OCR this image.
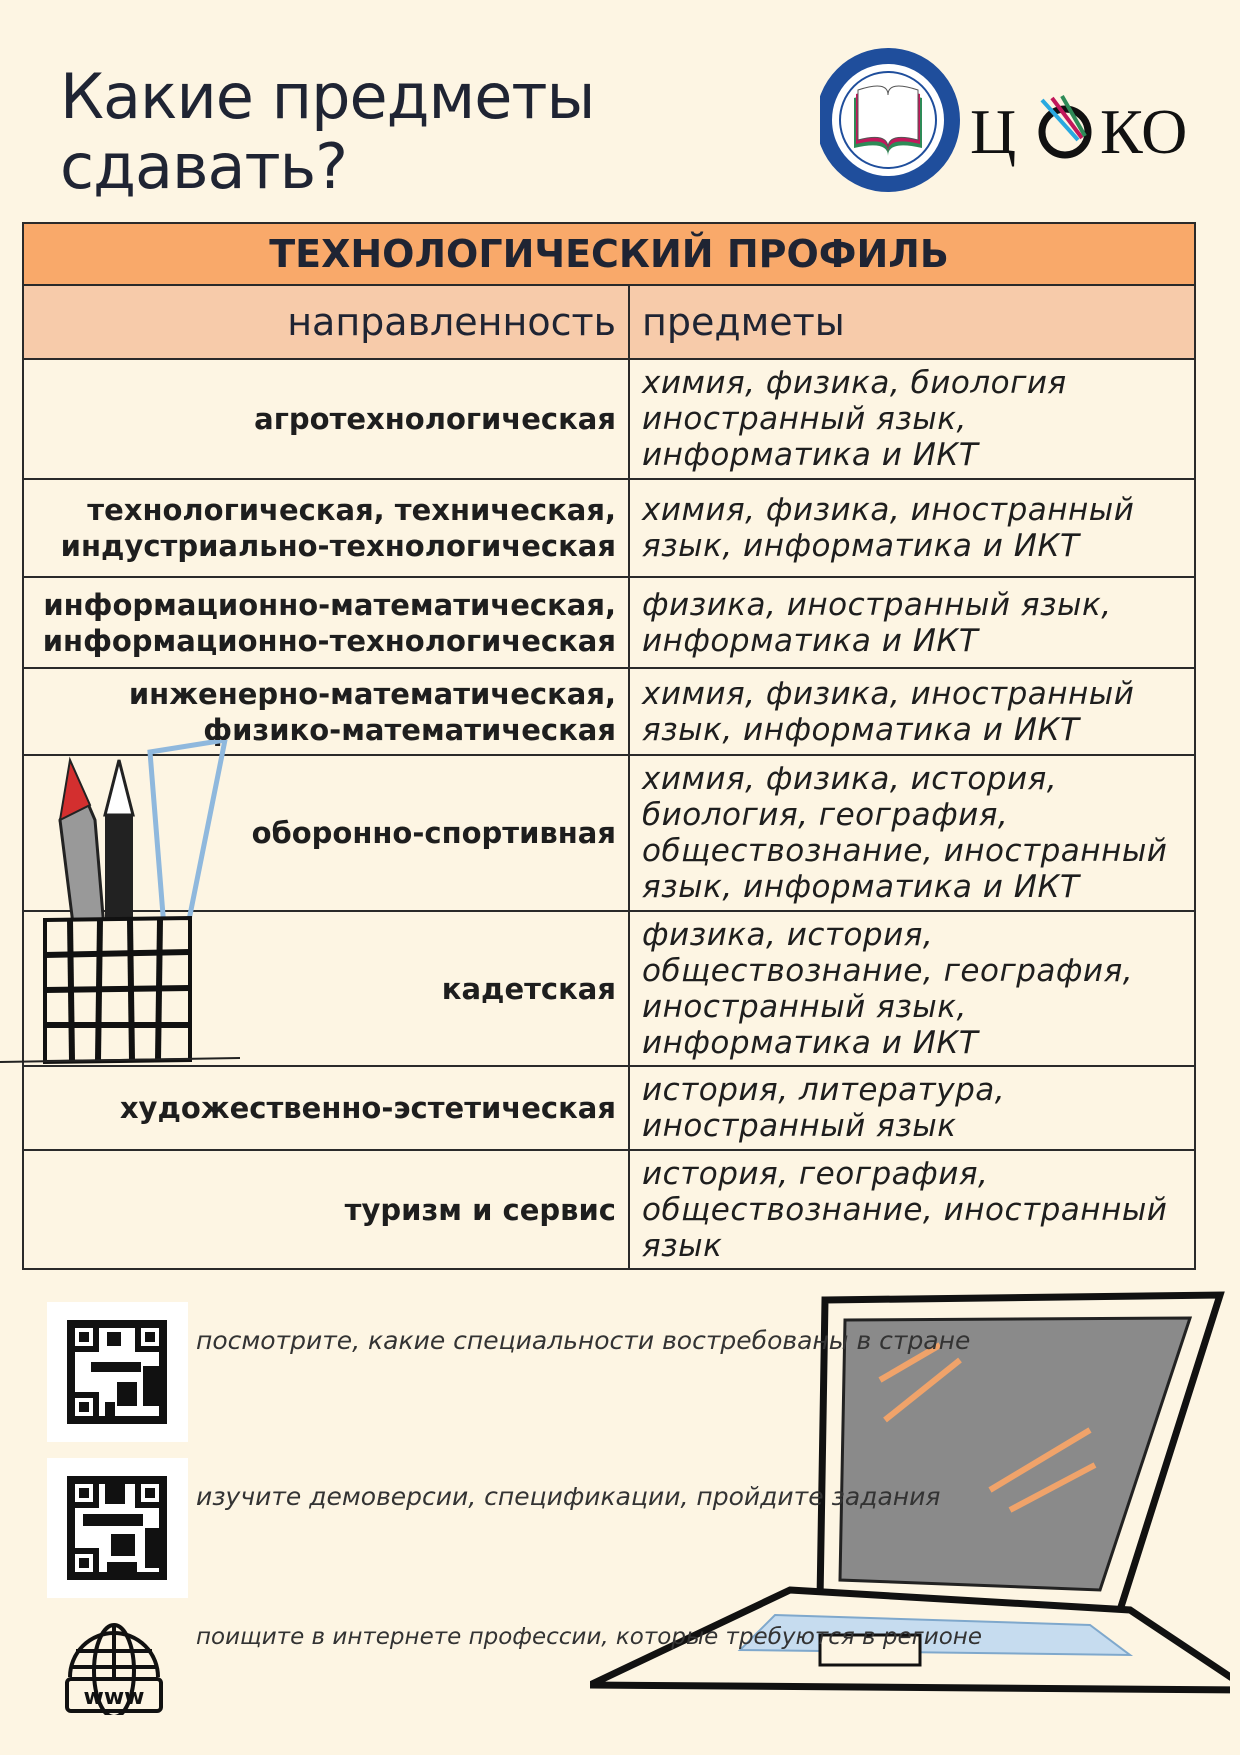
Какие предметы
сдавать?	Ц КО
ТЕХНОЛОГИЧЕСКИЙ ПРОФИЛЬ	
направленность	предметы
агротехнологическая	химия, физика, биология иностранный язык, информатика и ИКТ
технологическая, техническая, индустриально-технологическая	химия, физика, иностранный язык, информатика и ИКТ
информационно-математическая, информационно-технологическая	физика, иностранный язык, информатика и ИКТ
инженерно-математическая, физико-математическая	химия, физика, иностранный язык, информатика и ИКТ
оборонно-спортивная	химия, физика, история, биология, география, обществознание, иностранный язык, информатика и ИКТ
кадетская	физика, история, обществознание, география, иностранный язык, информатика и ИКТ
художественно-эстетическая	история, литература, иностранный язык
туризм и сервис	история, география, обществознание, иностранный язык
посмотрите, какие специальности востребованы в стране
изучите демоверсии, спецификации, пройдите задания
www
поищите в интернете профессии, которые требуются в регионе
